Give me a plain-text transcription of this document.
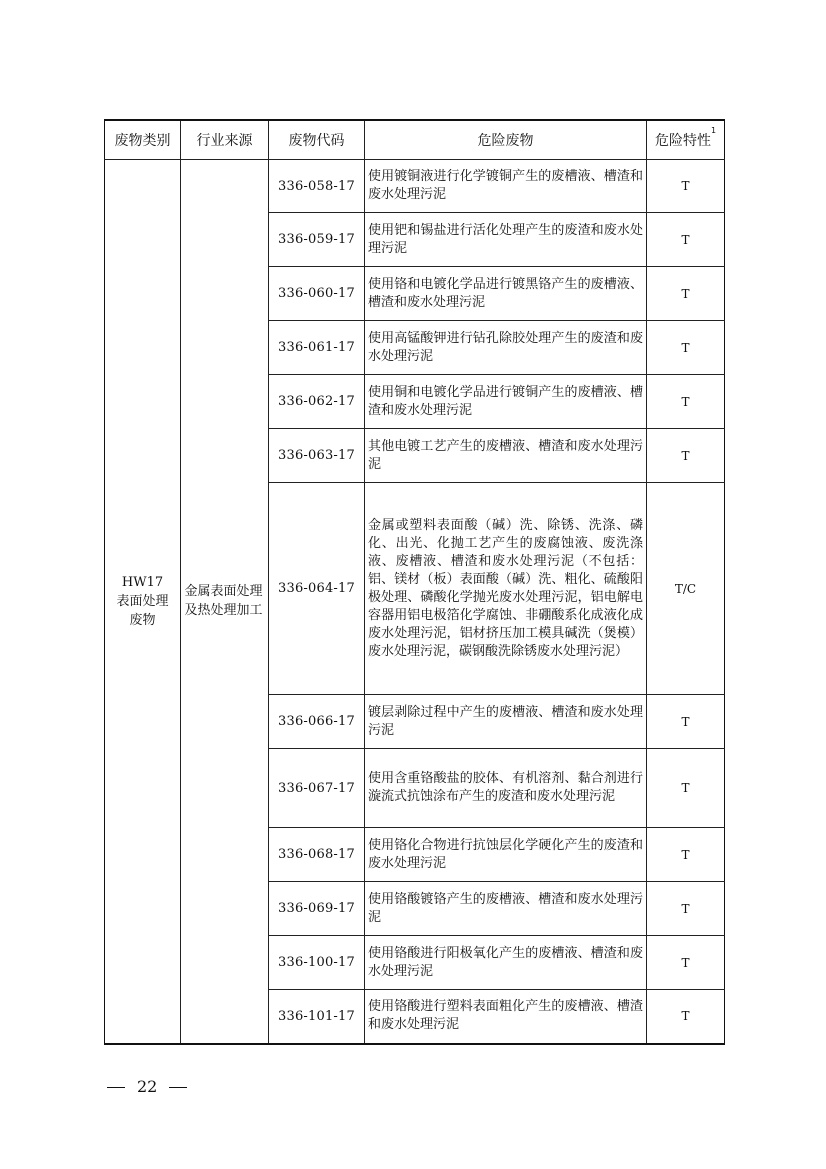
废物类别	行业来源	废物代码	危险废物	危险特性$^1$

HW17
表面处理废物	金属表面处理及热处理加工	336-058-17	使用镀铜液进行化学镀铜产生的废槽液、槽渣和废水处理污泥	T
		336-059-17	使用钯和锡盐进行活化处理产生的废渣和废水处理污泥	T
		336-060-17	使用铬和电镀化学品进行镀黑铬产生的废槽液、槽渣和废水处理污泥	T
		336-061-17	使用高锰酸钾进行钻孔除胶处理产生的废渣和废水处理污泥	T
		336-062-17	使用铜和电镀化学品进行镀铜产生的废槽液、槽渣和废水处理污泥	T
		336-063-17	其他电镀工艺产生的废槽液、槽渣和废水处理污泥	T
		336-064-17	金属或塑料表面酸（碱）洗、除锈、洗涤、磷化、出光、化抛工艺产生的废腐蚀液、废洗涤液、废槽液、槽渣和废水处理污泥（不包括：铝、镁材（板）表面酸（碱）洗、粗化、硫酸阳极处理、磷酸化学抛光废水处理污泥，铝电解电容器用铝电极箔化学腐蚀、非硼酸系化成液化成废水处理污泥，铝材挤压加工模具碱洗（煲模）废水处理污泥，碳钢酸洗除锈废水处理污泥）	T/C
		336-066-17	镀层剥除过程中产生的废槽液、槽渣和废水处理污泥	T
		336-067-17	使用含重铬酸盐的胶体、有机溶剂、黏合剂进行漩流式抗蚀涂布产生的废渣和废水处理污泥	T
		336-068-17	使用铬化合物进行抗蚀层化学硬化产生的废渣和废水处理污泥	T
		336-069-17	使用铬酸镀铬产生的废槽液、槽渣和废水处理污泥	T
		336-100-17	使用铬酸进行阳极氧化产生的废槽液、槽渣和废水处理污泥	T
		336-101-17	使用铬酸进行塑料表面粗化产生的废槽液、槽渣和废水处理污泥	T
22
